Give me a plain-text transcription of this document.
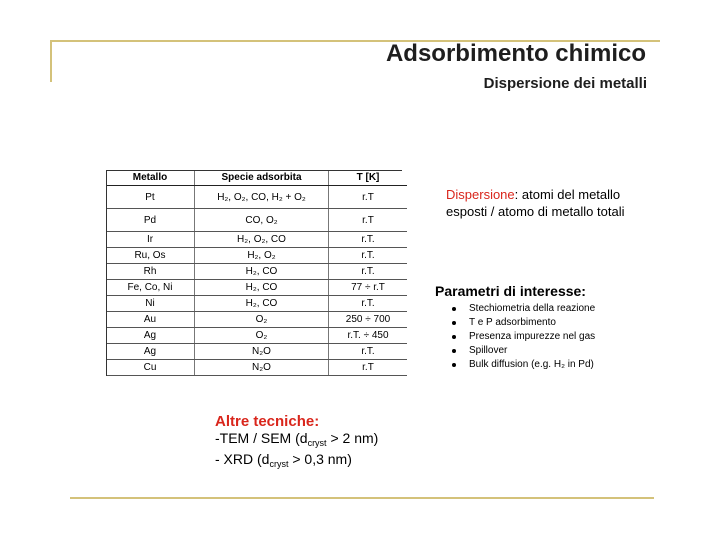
Adsorbimento chimico
Dispersione dei metalli
Metallo	Specie adsorbita	T [K]
Pt	H₂, O₂, CO, H₂ + O₂	r.T
Pd	CO, O₂	r.T
Ir	H₂, O₂, CO	r.T.
Ru, Os	H₂, O₂	r.T.
Rh	H₂, CO	r.T.
Fe, Co, Ni	H₂, CO	77 ÷ r.T
Ni	H₂, CO	r.T.
Au	O₂	250 ÷ 700
Ag	O₂	r.T. ÷ 450
Ag	N₂O	r.T.
Cu	N₂O	r.T
Dispersione: atomi del metallo esposti / atomo di metallo totali
Parametri di interesse:
Stechiometria della reazione
T e P adsorbimento
Presenza impurezze nel gas
Spillover
Bulk diffusion (e.g. H₂ in Pd)
Altre tecniche:
-TEM / SEM ($d_{cryst} > 2$ nm)
- XRD ($d_{cryst} > 0,3$ nm)
